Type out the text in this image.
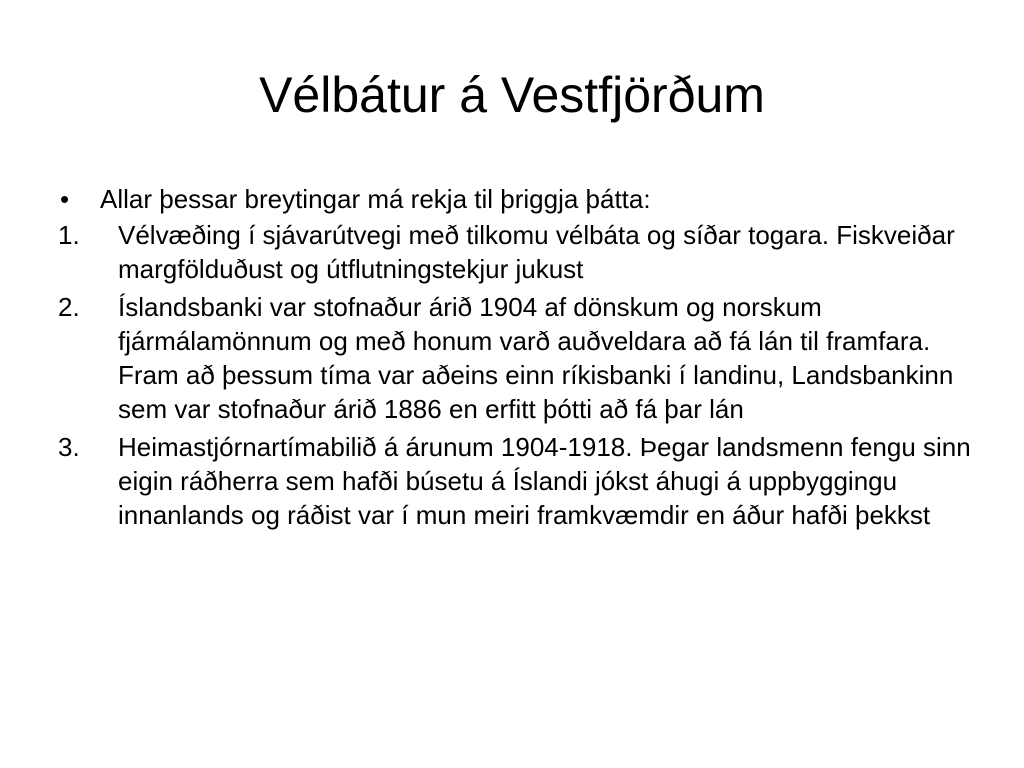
Vélbátur á Vestfjörðum
• Allar þessar breytingar má rekja til þriggja þátta:
1. Vélvæðing í sjávarútvegi með tilkomu vélbáta og síðar togara. Fiskveiðar margfölduðust og útflutningstekjur jukust
2. Íslandsbanki var stofnaður árið 1904 af dönskum og norskum fjármálamönnum og með honum varð auðveldara að fá lán til framfara. Fram að þessum tíma var aðeins einn ríkisbanki í landinu, Landsbankinn sem var stofnaður árið 1886 en erfitt þótti að fá þar lán
3. Heimastjórnartímabilið á árunum 1904-1918. Þegar landsmenn fengu sinn eigin ráðherra sem hafði búsetu á Íslandi jókst áhugi á uppbyggingu innanlands og ráðist var í mun meiri framkvæmdir en áður hafði þekkst
